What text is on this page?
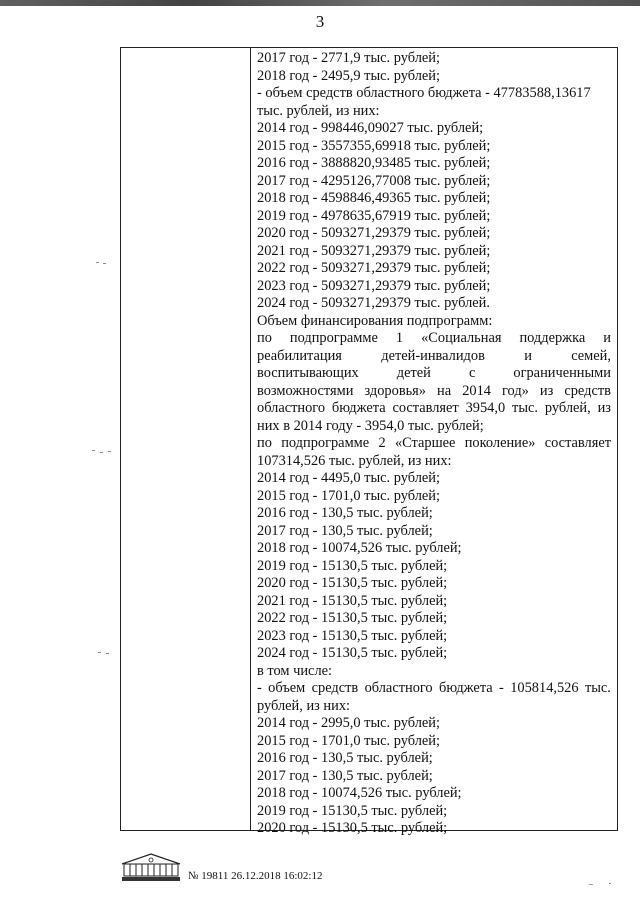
3
2017 год - 2771,9 тыс. рублей;
2018 год - 2495,9 тыс. рублей;
- объем средств областного бюджета - 47783588,13617
тыс. рублей, из них:
2014 год - 998446,09027 тыс. рублей;
2015 год - 3557355,69918 тыс. рублей;
2016 год - 3888820,93485 тыс. рублей;
2017 год - 4295126,77008 тыс. рублей;
2018 год - 4598846,49365 тыс. рублей;
2019 год - 4978635,67919 тыс. рублей;
2020 год - 5093271,29379 тыс. рублей;
2021 год - 5093271,29379 тыс. рублей;
2022 год - 5093271,29379 тыс. рублей;
2023 год - 5093271,29379 тыс. рублей;
2024 год - 5093271,29379 тыс. рублей.
Объем финансирования подпрограмм:
по подпрограмме 1 «Социальная поддержка и
реабилитация	детей-инвалидов	и	семей,
воспитывающих	детей	с	ограниченными
возможностями здоровья» на 2014 год» из средств
областного бюджета составляет 3954,0 тыс. рублей, из
них в 2014 году - 3954,0 тыс. рублей;
по подпрограмме 2 «Старшее поколение» составляет
107314,526 тыс. рублей, из них:
2014 год - 4495,0 тыс. рублей;
2015 год - 1701,0 тыс. рублей;
2016 год - 130,5 тыс. рублей;
2017 год - 130,5 тыс. рублей;
2018 год - 10074,526 тыс. рублей;
2019 год - 15130,5 тыс. рублей;
2020 год - 15130,5 тыс. рублей;
2021 год - 15130,5 тыс. рублей;
2022 год - 15130,5 тыс. рублей;
2023 год - 15130,5 тыс. рублей;
2024 год - 15130,5 тыс. рублей;
в том числе:
- объем средств областного бюджета - 105814,526 тыс.
рублей, из них:
2014 год - 2995,0 тыс. рублей;
2015 год - 1701,0 тыс. рублей;
2016 год - 130,5 тыс. рублей;
2017 год - 130,5 тыс. рублей;
2018 год - 10074,526 тыс. рублей;
2019 год - 15130,5 тыс. рублей;
2020 год - 15130,5 тыс. рублей;
№ 19811 26.12.2018 16:02:12
⁻ ·
